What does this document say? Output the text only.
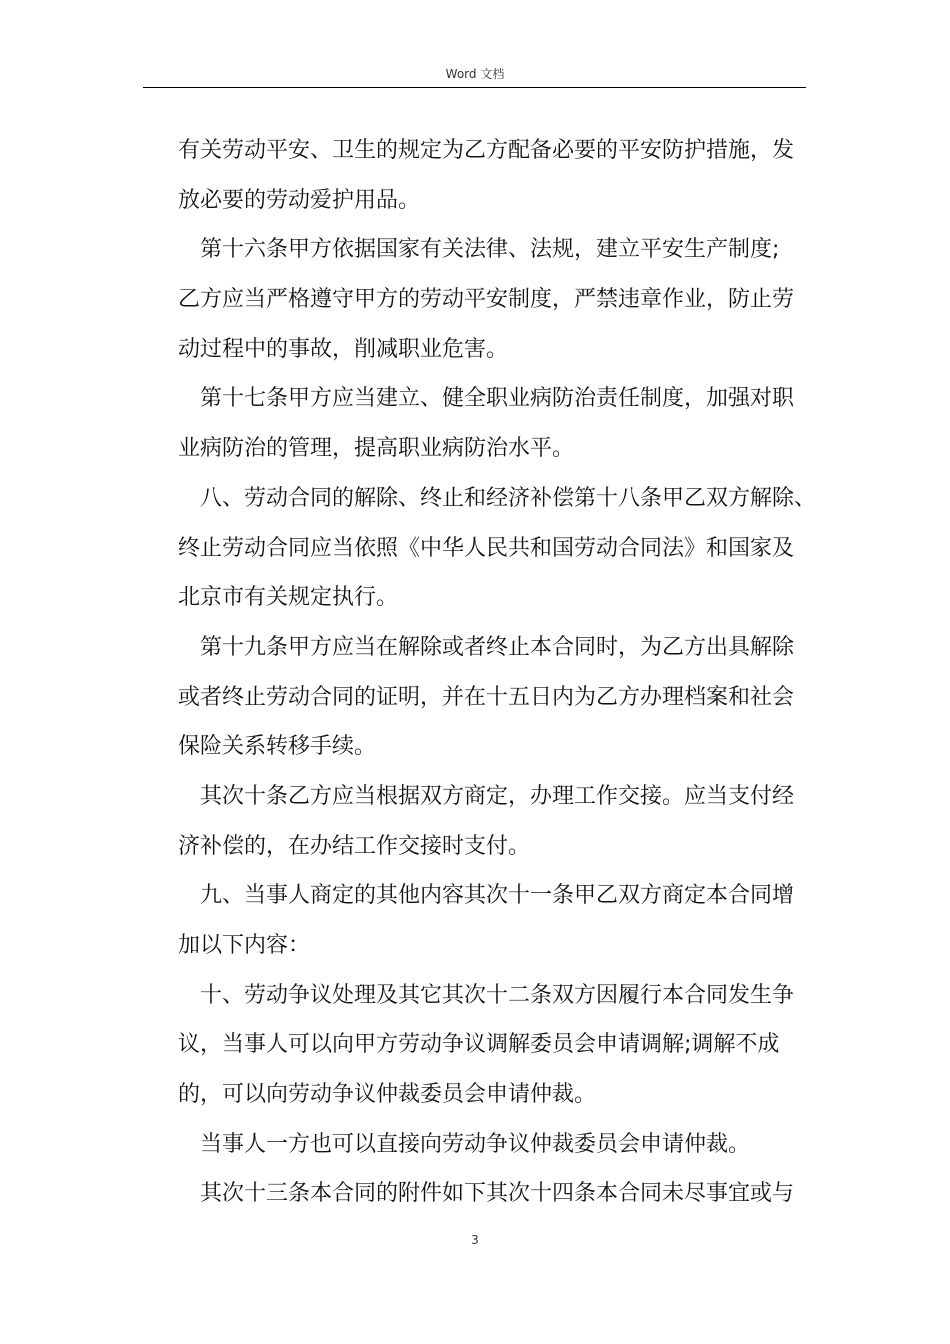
Word 文档
有关劳动平安、卫生的规定为乙方配备必要的平安防护措施，发
放必要的劳动爱护用品。
第十六条甲方依据国家有关法律、法规，建立平安生产制度;
乙方应当严格遵守甲方的劳动平安制度，严禁违章作业，防止劳
动过程中的事故，削减职业危害。
第十七条甲方应当建立、健全职业病防治责任制度，加强对职
业病防治的管理，提高职业病防治水平。
八、劳动合同的解除、终止和经济补偿第十八条甲乙双方解除、
终止劳动合同应当依照《中华人民共和国劳动合同法》和国家及
北京市有关规定执行。
第十九条甲方应当在解除或者终止本合同时，为乙方出具解除
或者终止劳动合同的证明，并在十五日内为乙方办理档案和社会
保险关系转移手续。
其次十条乙方应当根据双方商定，办理工作交接。应当支付经
济补偿的，在办结工作交接时支付。
九、当事人商定的其他内容其次十一条甲乙双方商定本合同增
加以下内容：
十、劳动争议处理及其它其次十二条双方因履行本合同发生争
议，当事人可以向甲方劳动争议调解委员会申请调解;调解不成
的，可以向劳动争议仲裁委员会申请仲裁。
当事人一方也可以直接向劳动争议仲裁委员会申请仲裁。
其次十三条本合同的附件如下其次十四条本合同未尽事宜或与
3
